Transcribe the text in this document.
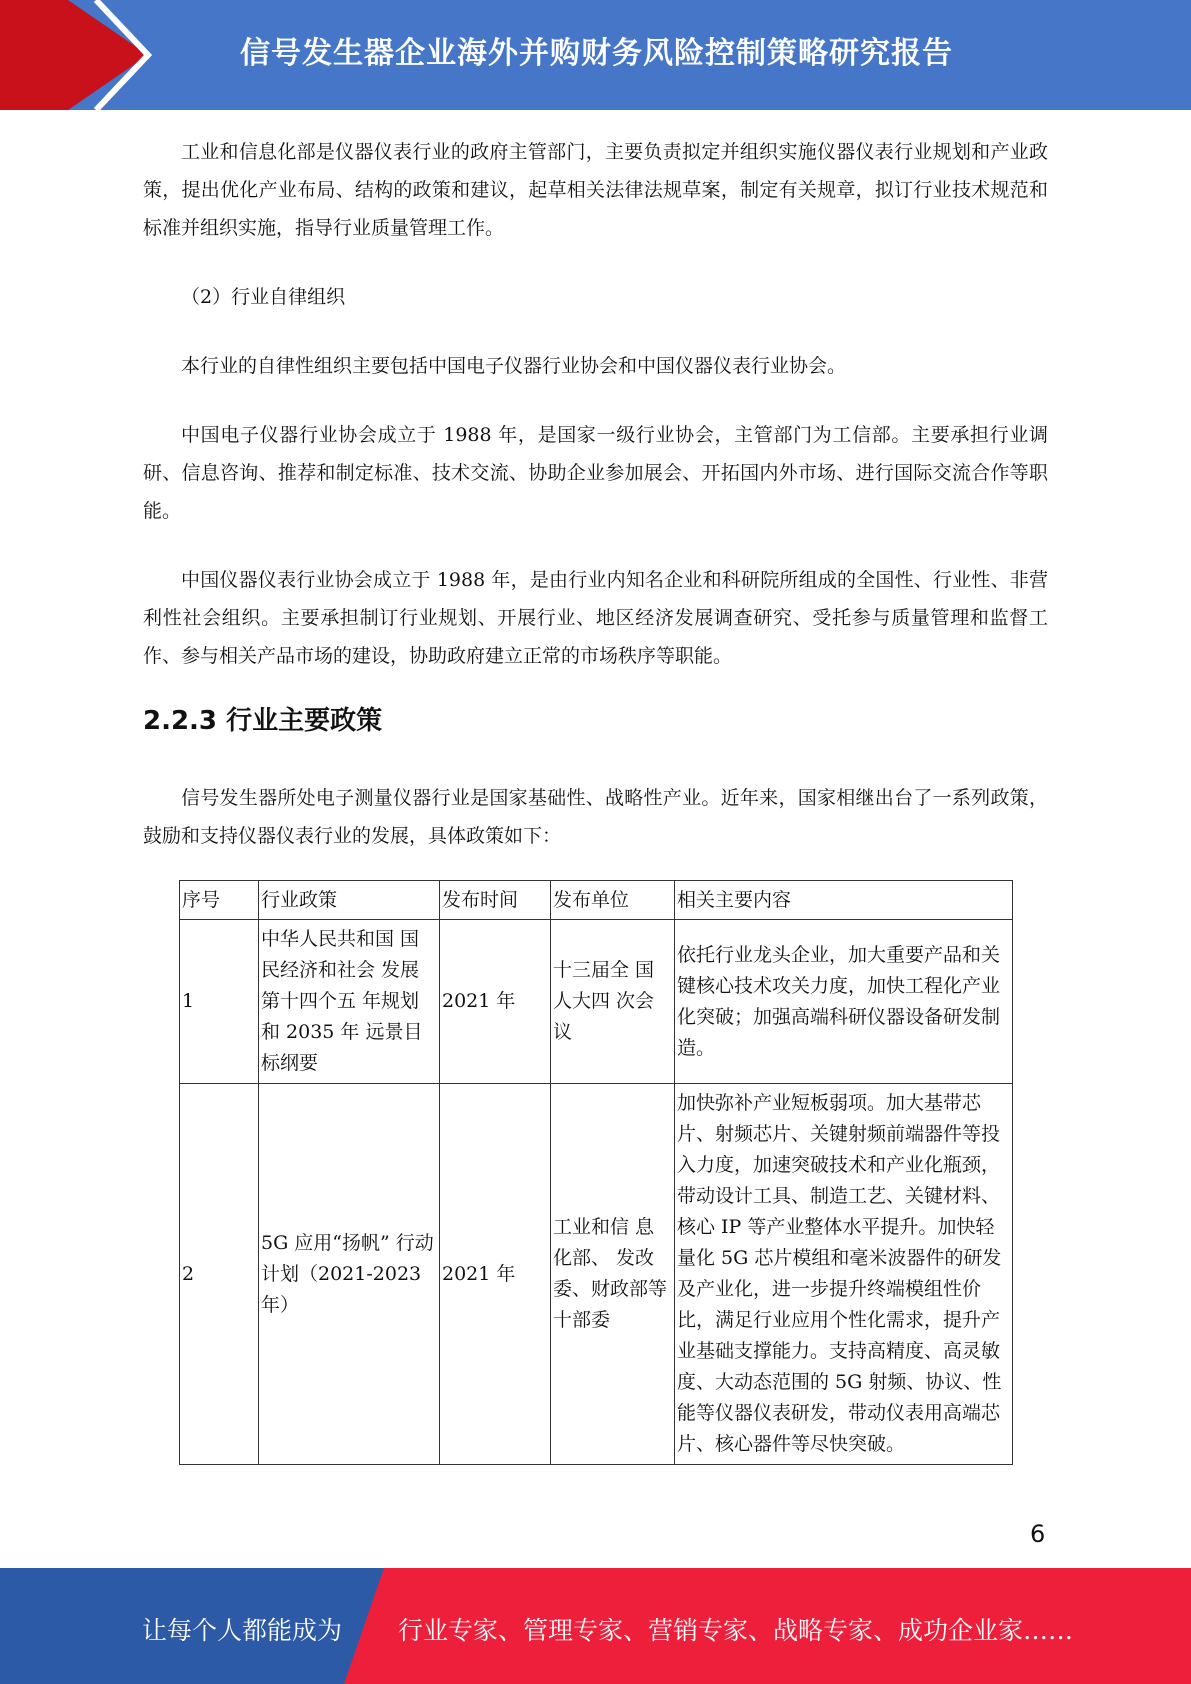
信号发生器企业海外并购财务风险控制策略研究报告
工业和信息化部是仪器仪表行业的政府主管部门，主要负责拟定并组织实施仪器仪表行业规划和产业政策，提出优化产业布局、结构的政策和建议，起草相关法律法规草案，制定有关规章，拟订行业技术规范和标准并组织实施，指导行业质量管理工作。
（2）行业自律组织
本行业的自律性组织主要包括中国电子仪器行业协会和中国仪器仪表行业协会。
中国电子仪器行业协会成立于 1988 年，是国家一级行业协会，主管部门为工信部。主要承担行业调研、信息咨询、推荐和制定标准、技术交流、协助企业参加展会、开拓国内外市场、进行国际交流合作等职能。
中国仪器仪表行业协会成立于 1988 年，是由行业内知名企业和科研院所组成的全国性、行业性、非营利性社会组织。主要承担制订行业规划、开展行业、地区经济发展调查研究、受托参与质量管理和监督工作、参与相关产品市场的建设，协助政府建立正常的市场秩序等职能。
2.2.3 行业主要政策
信号发生器所处电子测量仪器行业是国家基础性、战略性产业。近年来，国家相继出台了一系列政策，鼓励和支持仪器仪表行业的发展，具体政策如下：
序号	行业政策	发布时间	发布单位	相关主要内容
1	中华人民共和国 国民经济和社会 发展第十四个五 年规划和 2035 年 远景目标纲要	2021 年	十三届全 国人大四 次会议	依托行业龙头企业，加大重要产品和关键核心技术攻关力度，加快工程化产业化突破；加强高端科研仪器设备研发制造。
2	5G 应用“扬帆” 行动计划（2021-2023 年）	2021 年	工业和信 息化部、 发改委、财政部等 十部委	加快弥补产业短板弱项。加大基带芯片、射频芯片、关键射频前端器件等投入力度，加速突破技术和产业化瓶颈，带动设计工具、制造工艺、关键材料、核心 IP 等产业整体水平提升。加快轻量化 5G 芯片模组和毫米波器件的研发及产业化，进一步提升终端模组性价比，满足行业应用个性化需求，提升产业基础支撑能力。支持高精度、高灵敏度、大动态范围的 5G 射频、协议、性能等仪器仪表研发，带动仪表用高端芯片、核心器件等尽快突破。
6
让每个人都能成为 行业专家、管理专家、营销专家、战略专家、成功企业家……
